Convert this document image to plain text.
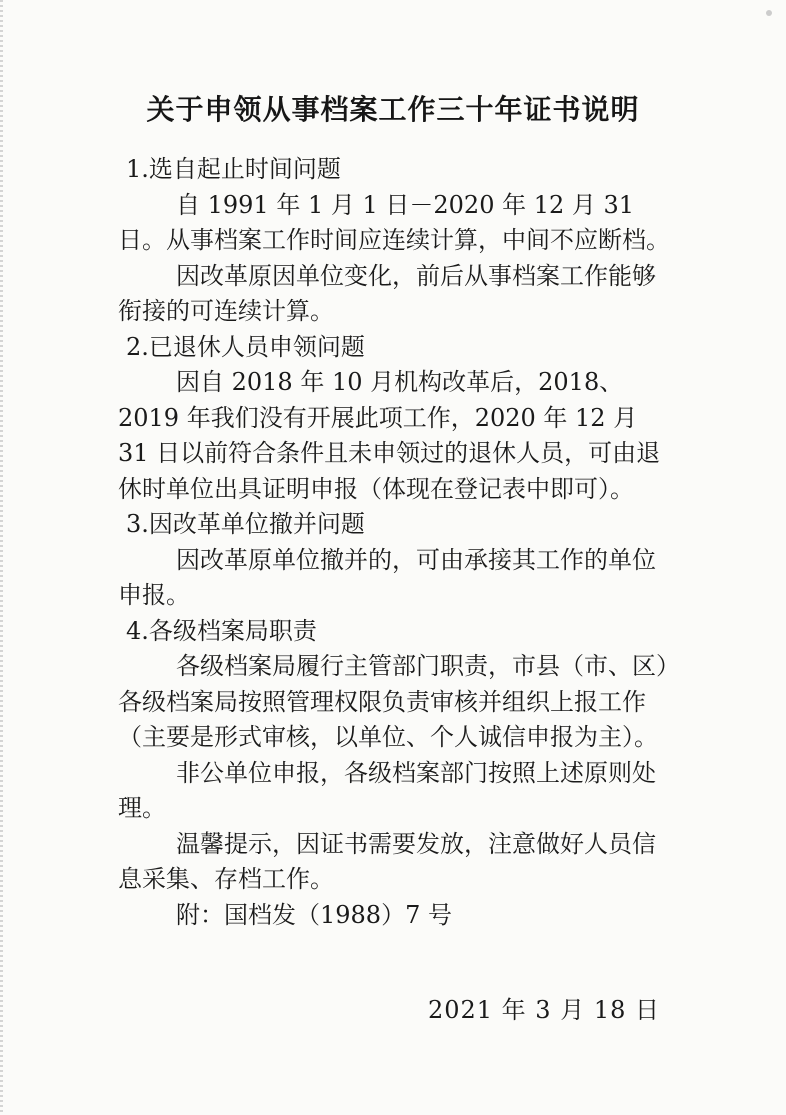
关于申领从事档案工作三十年证书说明

1.选自起止时间问题

自 1991 年 1 月 1 日－2020 年 12 月 31 日。从事档案工作时间应连续计算，中间不应断档。

因改革原因单位变化，前后从事档案工作能够衔接的可连续计算。

2.已退休人员申领问题

因自 2018 年 10 月机构改革后，2018、2019 年我们没有开展此项工作，2020 年 12 月 31 日以前符合条件且未申领过的退休人员，可由退休时单位出具证明申报（体现在登记表中即可）。

3.因改革单位撤并问题

因改革原单位撤并的，可由承接其工作的单位申报。

4.各级档案局职责

各级档案局履行主管部门职责，市县（市、区）各级档案局按照管理权限负责审核并组织上报工作（主要是形式审核，以单位、个人诚信申报为主）。

非公单位申报，各级档案部门按照上述原则处理。

温馨提示，因证书需要发放，注意做好人员信息采集、存档工作。

附：国档发（1988）7 号

2021 年 3 月 18 日
